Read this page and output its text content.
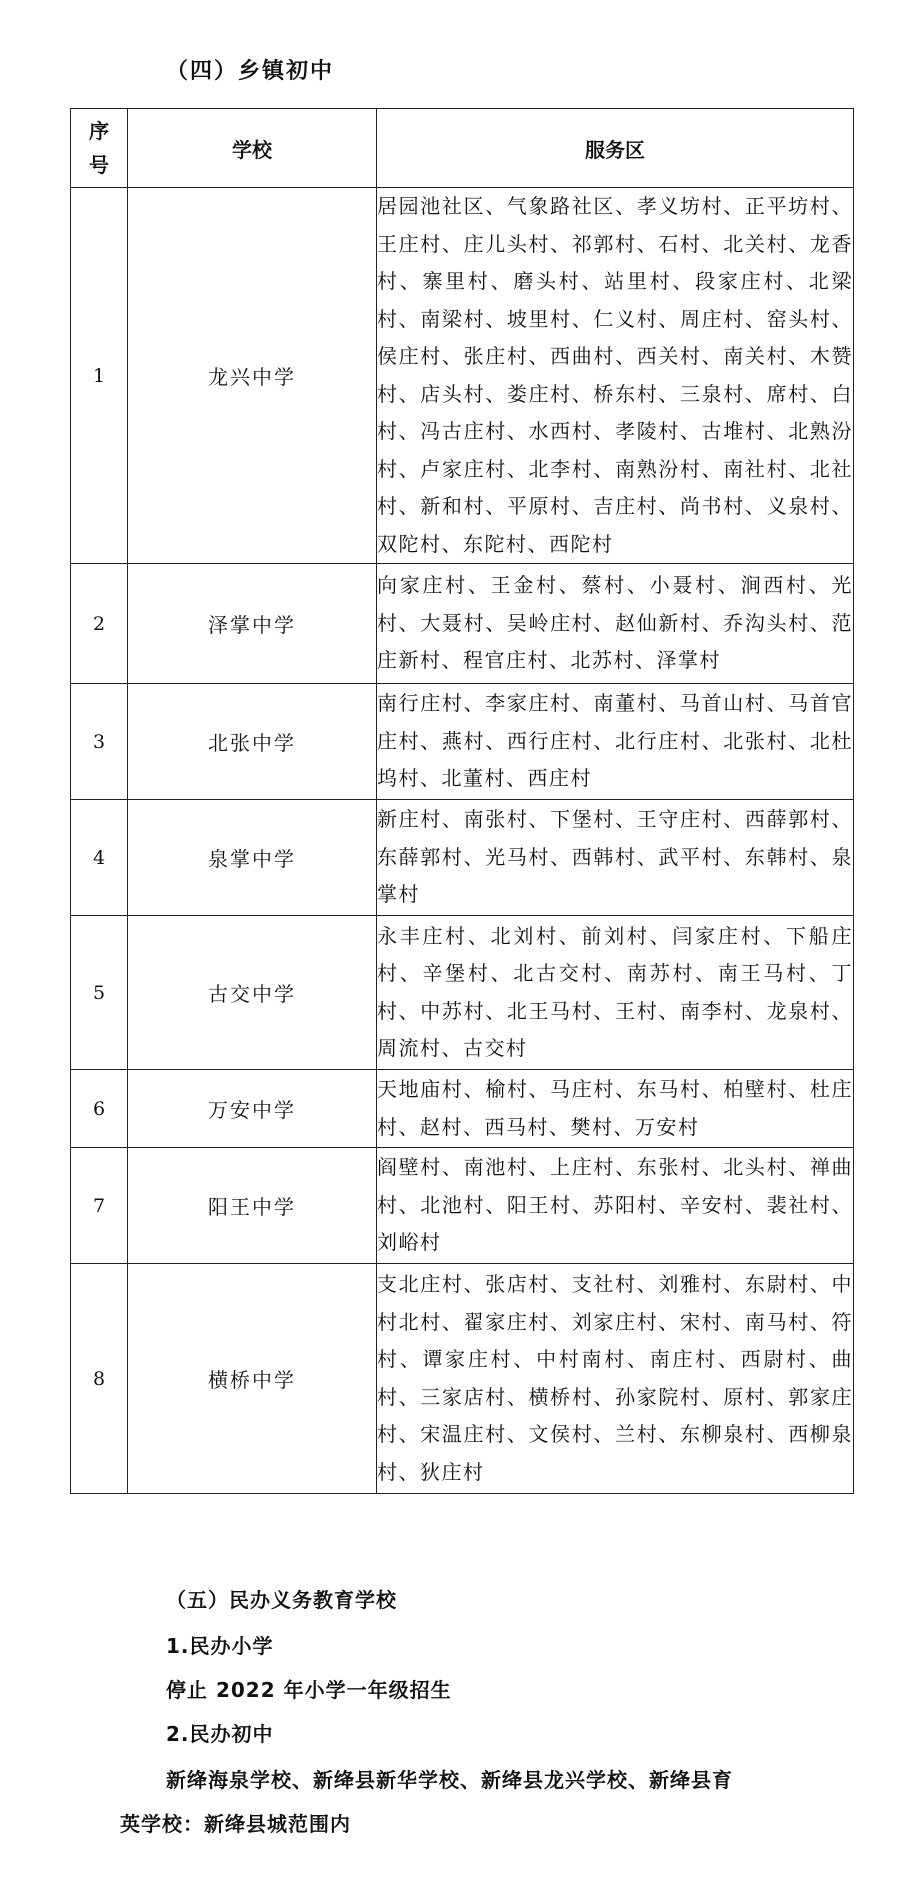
（四）乡镇初中
序号	学校	服务区
1	龙兴中学	居园池社区、气象路社区、孝义坊村、正平坊村、王庄村、庄儿头村、祁郭村、石村、北关村、龙香村、寨里村、磨头村、站里村、段家庄村、北梁村、南梁村、坡里村、仁义村、周庄村、窑头村、侯庄村、张庄村、西曲村、西关村、南关村、木赞村、店头村、娄庄村、桥东村、三泉村、席村、白村、冯古庄村、水西村、孝陵村、古堆村、北熟汾村、卢家庄村、北李村、南熟汾村、南社村、北社村、新和村、平原村、吉庄村、尚书村、义泉村、双陀村、东陀村、西陀村
2	泽掌中学	向家庄村、王金村、蔡村、小聂村、涧西村、光村、大聂村、吴岭庄村、赵仙新村、乔沟头村、范庄新村、程官庄村、北苏村、泽掌村
3	北张中学	南行庄村、李家庄村、南董村、马首山村、马首官庄村、燕村、西行庄村、北行庄村、北张村、北杜坞村、北董村、西庄村
4	泉掌中学	新庄村、南张村、下堡村、王守庄村、西薛郭村、东薛郭村、光马村、西韩村、武平村、东韩村、泉掌村
5	古交中学	永丰庄村、北刘村、前刘村、闫家庄村、下船庄村、辛堡村、北古交村、南苏村、南王马村、丁村、中苏村、北王马村、王村、南李村、龙泉村、周流村、古交村
6	万安中学	天地庙村、榆村、马庄村、东马村、柏壁村、杜庄村、赵村、西马村、樊村、万安村
7	阳王中学	阎壁村、南池村、上庄村、东张村、北头村、禅曲村、北池村、阳王村、苏阳村、辛安村、裴社村、刘峪村
8	横桥中学	支北庄村、张店村、支社村、刘雅村、东尉村、中村北村、翟家庄村、刘家庄村、宋村、南马村、符村、谭家庄村、中村南村、南庄村、西尉村、曲村、三家店村、横桥村、孙家院村、原村、郭家庄村、宋温庄村、文侯村、兰村、东柳泉村、西柳泉村、狄庄村
（五）民办义务教育学校
1.民办小学
停止 2022 年小学一年级招生
2.民办初中
新绛海泉学校、新绛县新华学校、新绛县龙兴学校、新绛县育
英学校：新绛县城范围内
